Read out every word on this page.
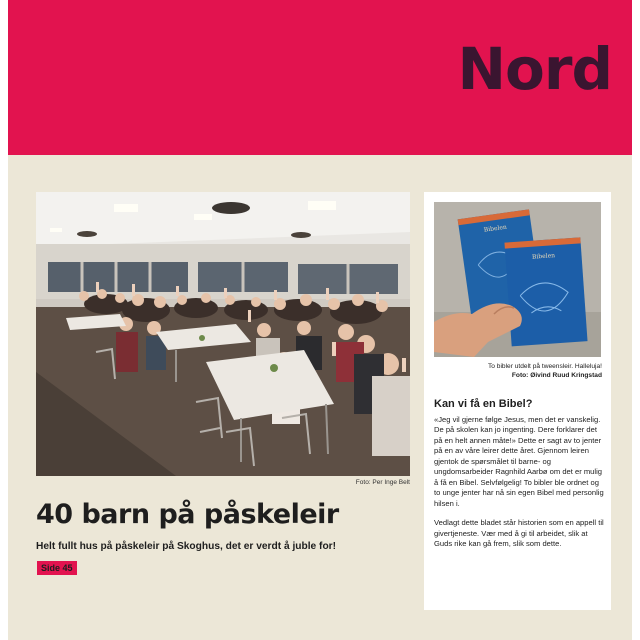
Nord
Foto: Per Inge Belt
40 barn på påskeleir
Helt fullt hus på påskeleir på Skoghus, det er verdt å juble for!
Side 45
Bibelen
Bibelen
To bibler utdelt på tweensleir. Halleluja!
Foto: Øivind Ruud Kringstad
Kan vi få en Bibel?

«Jeg vil gjerne følge Jesus, men det er vanskelig. De på skolen kan jo ingenting. Dere forklarer det på en helt annen måte!» Dette er sagt av to jenter på en av våre leirer dette året. Gjennom leiren gjentok de spørsmålet til barne- og ungdomsarbeider Ragnhild Aarbø om det er mulig å få en Bibel. Selvfølgelig! To bibler ble ordnet og to unge jenter har nå sin egen Bibel med personlig hilsen i.

Vedlagt dette bladet står historien som en appell til givertjeneste. Vær med å gi til arbeidet, slik at Guds rike kan gå frem, slik som dette.
